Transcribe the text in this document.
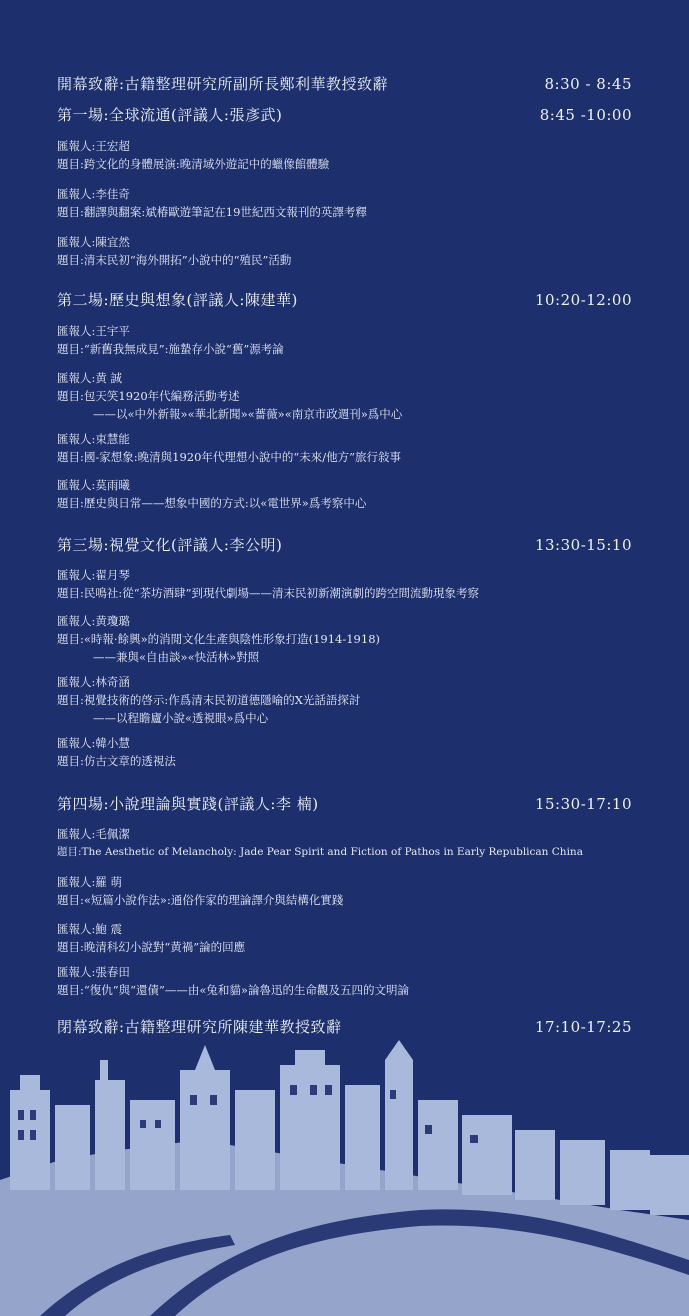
開幕致辭:古籍整理研究所副所長鄭利華教授致辭	8:30 - 8:45
第一場:全球流通(評議人:張彥武)	8:45 -10:00
匯報人:王宏超
題目:跨文化的身體展演:晚清域外遊記中的蠟像館體驗
匯報人:李佳奇
題目:翻譯與翻案:斌椿歐遊筆記在19世紀西文報刊的英譯考釋
匯報人:陳宜然
題目:清末民初“海外開拓”小說中的“殖民”活動
第二場:歷史與想象(評議人:陳建華)	10:20-12:00
匯報人:王宇平
題目:“新舊我無成見”:施蟄存小說“舊”源考論
匯報人:黄 誠
題目:包天笑1920年代編務活動考述
——以«中外新報»«華北新聞»«薔薇»«南京市政週刊»爲中心
匯報人:束慧能
題目:國-家想象:晚清與1920年代理想小說中的“未來/他方”旅行敍事
匯報人:莫雨曦
題目:歷史與日常——想象中國的方式:以«電世界»爲考察中心
第三場:視覺文化(評議人:李公明)	13:30-15:10
匯報人:翟月琴
題目:民鳴社:從“茶坊酒肆”到現代劇場——清末民初新潮演劇的跨空間流動現象考察
匯報人:黄瓊璐
題目:«時報·餘興»的消閒文化生產與陰性形象打造(1914-1918)
——兼與«自由談»«快活林»對照
匯報人:林奇涵
題目:視覺技術的啓示:作爲清末民初道德隱喻的X光話語探討
——以程瞻廬小說«透視眼»爲中心
匯報人:韓小慧
題目:仿古文章的透視法
第四場:小說理論與實踐(評議人:李 楠)	15:30-17:10
匯報人:毛佩潔
題目:The Aesthetic of Melancholy: Jade Pear Spirit and Fiction of Pathos in Early Republican China
匯報人:羅 萌
題目:«短篇小說作法»:通俗作家的理論譯介與結構化實踐
匯報人:鮑 震
題目:晚清科幻小說對“黄禍”論的回應
匯報人:張春田
題目:“復仇”與“還債”——由«兔和貓»論魯迅的生命觀及五四的文明論
閉幕致辭:古籍整理研究所陳建華教授致辭	17:10-17:25
